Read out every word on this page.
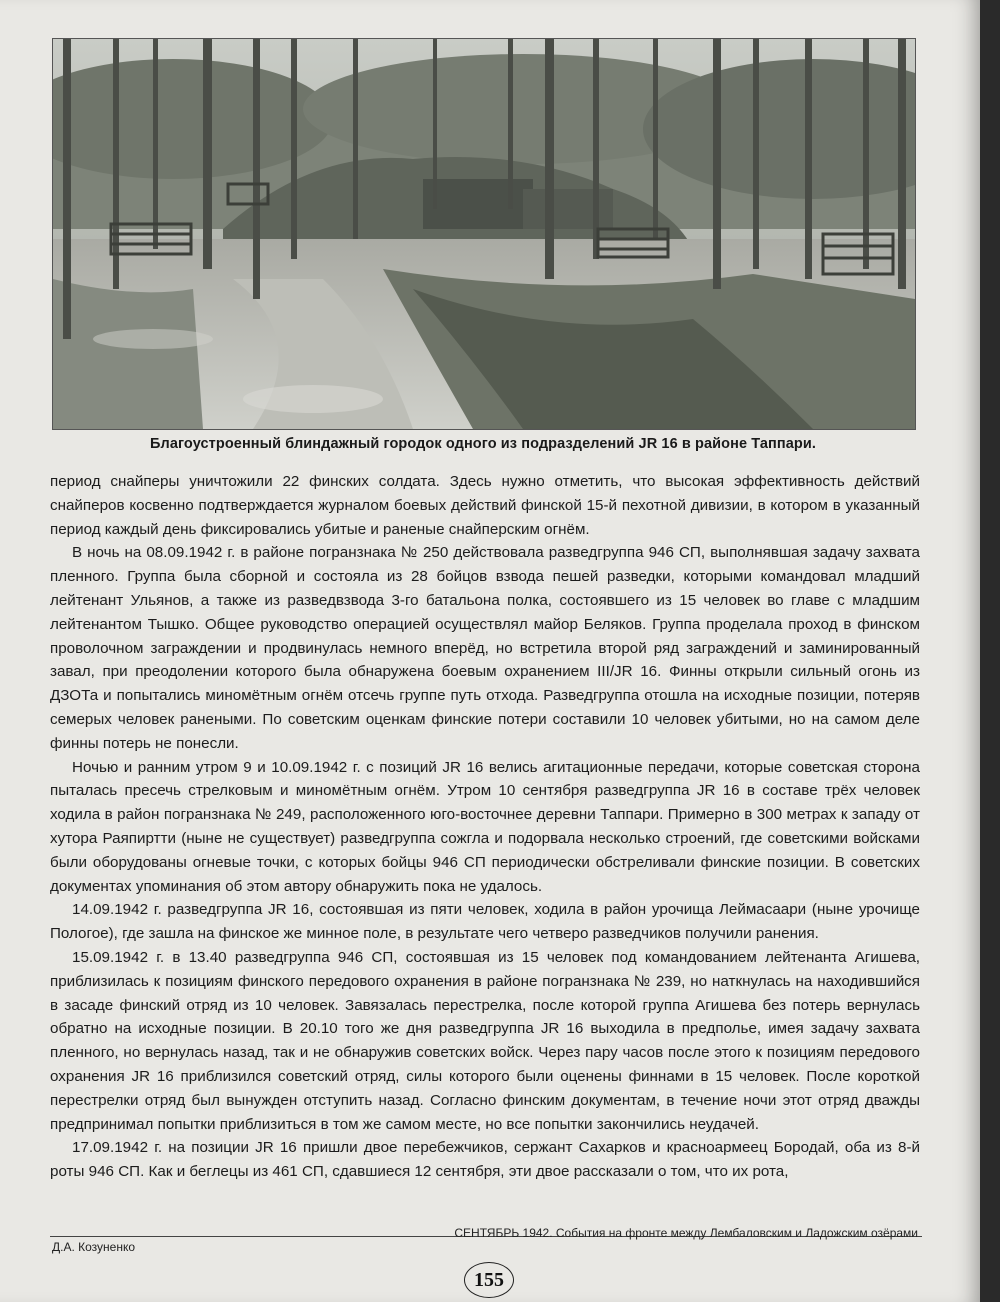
Благоустроенный блиндажный городок одного из подразделений JR 16 в районе Таппари.

период снайперы уничтожили 22 финских солдата. Здесь нужно отметить, что высокая эффективность действий снайперов косвенно подтверждается журналом боевых действий финской 15-й пехотной дивизии, в котором в указанный период каждый день фиксировались убитые и раненые снайперским огнём.

В ночь на 08.09.1942 г. в районе погранзнака № 250 действовала разведгруппа 946 СП, выполнявшая задачу захвата пленного. Группа была сборной и состояла из 28 бойцов взвода пешей разведки, которыми командовал младший лейтенант Ульянов, а также из разведвзвода 3-го батальона полка, состоявшего из 15 человек во главе с младшим лейтенантом Тышко. Общее руководство операцией осуществлял майор Беляков. Группа проделала проход в финском проволочном заграждении и продвинулась немного вперёд, но встретила второй ряд заграждений и заминированный завал, при преодолении которого была обнаружена боевым охранением III/JR 16. Финны открыли сильный огонь из ДЗОТа и попытались миномётным огнём отсечь группе путь отхода. Разведгруппа отошла на исходные позиции, потеряв семерых человек ранеными. По советским оценкам финские потери составили 10 человек убитыми, но на самом деле финны потерь не понесли.

Ночью и ранним утром 9 и 10.09.1942 г. с позиций JR 16 велись агитационные передачи, которые советская сторона пыталась пресечь стрелковым и миномётным огнём. Утром 10 сентября разведгруппа JR 16 в составе трёх человек ходила в район погранзнака № 249, расположенного юго-восточнее деревни Таппари. Примерно в 300 метрах к западу от хутора Раяпиртти (ныне не существует) разведгруппа сожгла и подорвала несколько строений, где советскими войсками были оборудованы огневые точки, с которых бойцы 946 СП периодически обстреливали финские позиции. В советских документах упоминания об этом автору обнаружить пока не удалось.

14.09.1942 г. разведгруппа JR 16, состоявшая из пяти человек, ходила в район урочища Леймасаари (ныне урочище Пологое), где зашла на финское же минное поле, в результате чего четверо разведчиков получили ранения.

15.09.1942 г. в 13.40 разведгруппа 946 СП, состоявшая из 15 человек под командованием лейтенанта Агишева, приблизилась к позициям финского передового охранения в районе погранзнака № 239, но наткнулась на находившийся в засаде финский отряд из 10 человек. Завязалась перестрелка, после которой группа Агишева без потерь вернулась обратно на исходные позиции. В 20.10 того же дня разведгруппа JR 16 выходила в предполье, имея задачу захвата пленного, но вернулась назад, так и не обнаружив советских войск. Через пару часов после этого к позициям передового охранения JR 16 приблизился советский отряд, силы которого были оценены финнами в 15 человек. После короткой перестрелки отряд был вынужден отступить назад. Согласно финским документам, в течение ночи этот отряд дважды предпринимал попытки приблизиться в том же самом месте, но все попытки закончились неудачей.

17.09.1942 г. на позиции JR 16 пришли двое перебежчиков, сержант Сахарков и красноармеец Бородай, оба из 8-й роты 946 СП. Как и беглецы из 461 СП, сдавшиеся 12 сентября, эти двое рассказали о том, что их рота,

Д.А. Козуненко
СЕНТЯБРЬ 1942. События на фронте между Лембаловским и Ладожским озёрами
155
